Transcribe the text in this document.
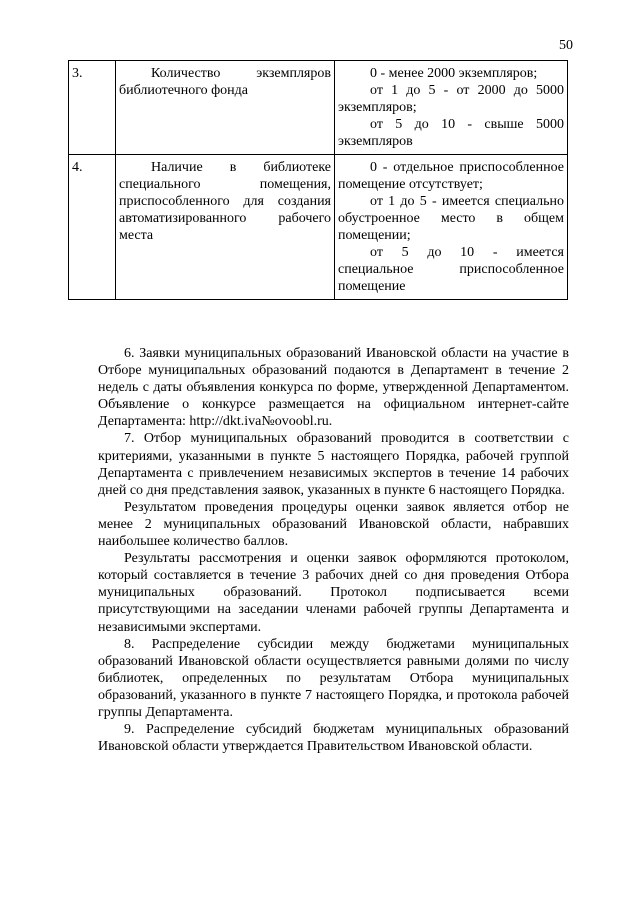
50
3.	Количество экземпляров библиотечного фонда	0 - менее 2000 экземпляров;
от 1 до 5 - от 2000 до 5000 экземпляров;
от 5 до 10 - свыше 5000 экземпляров

4.	Наличие в библиотеке специального помещения, приспособленного для создания автоматизированного рабочего места	0 - отдельное приспособленное помещение отсутствует;
от 1 до 5 - имеется специально обустроенное место в общем помещении;
от 5 до 10 - имеется специальное приспособленное помещение

6. Заявки муниципальных образований Ивановской области на участие в Отборе муниципальных образований подаются в Департамент в течение 2 недель с даты объявления конкурса по форме, утвержденной Департаментом. Объявление о конкурсе размещается на официальном интернет-сайте Департамента: http://dkt.iva№ovoobl.ru.

7. Отбор муниципальных образований проводится в соответствии с критериями, указанными в пункте 5 настоящего Порядка, рабочей группой Департамента с привлечением независимых экспертов в течение 14 рабочих дней со дня представления заявок, указанных в пункте 6 настоящего Порядка.

Результатом проведения процедуры оценки заявок является отбор не менее 2 муниципальных образований Ивановской области, набравших наибольшее количество баллов.

Результаты рассмотрения и оценки заявок оформляются протоколом, который составляется в течение 3 рабочих дней со дня проведения Отбора муниципальных образований. Протокол подписывается всеми присутствующими на заседании членами рабочей группы Департамента и независимыми экспертами.

8. Распределение субсидии между бюджетами муниципальных образований Ивановской области осуществляется равными долями по числу библиотек, определенных по результатам Отбора муниципальных образований, указанного в пункте 7 настоящего Порядка, и протокола рабочей группы Департамента.

9. Распределение субсидий бюджетам муниципальных образований Ивановской области утверждается Правительством Ивановской области.
